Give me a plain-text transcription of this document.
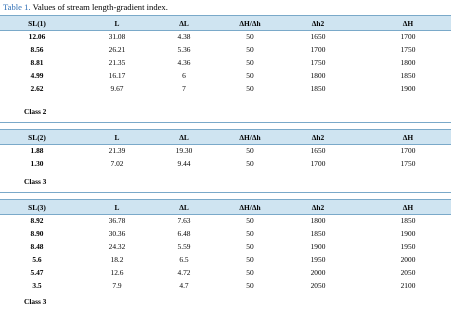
Table 1. Values of stream length-gradient index.
SL(1)	L	ΔL	ΔH/Δh	Δh2	ΔH
12.06	31.08	4.38	50	1650	1700
8.56	26.21	5.36	50	1700	1750
8.81	21.35	4.36	50	1750	1800
4.99	16.17	6	50	1800	1850
2.62	9.67	7	50	1850	1900
Class 2
SL(2)	L	ΔL	ΔH/Δh	Δh2	ΔH
1.88	21.39	19.30	50	1650	1700
1.30	7.02	9.44	50	1700	1750
Class 3
SL(3)	L	ΔL	ΔH/Δh	Δh2	ΔH
8.92	36.78	7.63	50	1800	1850
8.90	30.36	6.48	50	1850	1900
8.48	24.32	5.59	50	1900	1950
5.6	18.2	6.5	50	1950	2000
5.47	12.6	4.72	50	2000	2050
3.5	7.9	4.7	50	2050	2100
Class 3
